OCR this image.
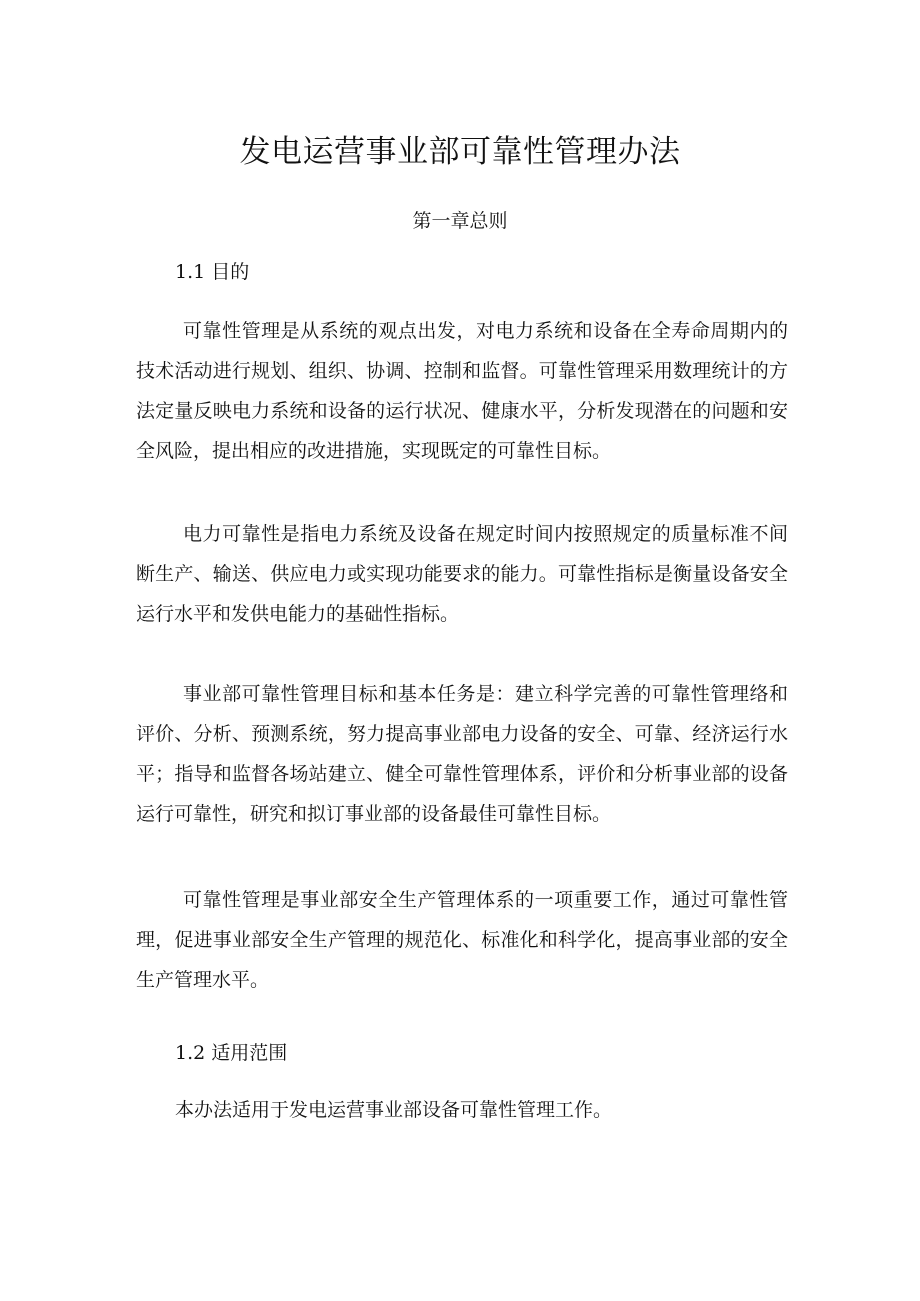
发电运营事业部可靠性管理办法
第一章总则
1.1 目的

可靠性管理是从系统的观点出发，对电力系统和设备在全寿命周期内的技术活动进行规划、组织、协调、控制和监督。可靠性管理采用数理统计的方法定量反映电力系统和设备的运行状况、健康水平，分析发现潜在的问题和安全风险，提出相应的改进措施，实现既定的可靠性目标。

电力可靠性是指电力系统及设备在规定时间内按照规定的质量标准不间断生产、输送、供应电力或实现功能要求的能力。可靠性指标是衡量设备安全运行水平和发供电能力的基础性指标。

事业部可靠性管理目标和基本任务是：建立科学完善的可靠性管理络和评价、分析、预测系统，努力提高事业部电力设备的安全、可靠、经济运行水平；指导和监督各场站建立、健全可靠性管理体系，评价和分析事业部的设备运行可靠性，研究和拟订事业部的设备最佳可靠性目标。

可靠性管理是事业部安全生产管理体系的一项重要工作，通过可靠性管理，促进事业部安全生产管理的规范化、标准化和科学化，提高事业部的安全生产管理水平。

1.2 适用范围

本办法适用于发电运营事业部设备可靠性管理工作。
